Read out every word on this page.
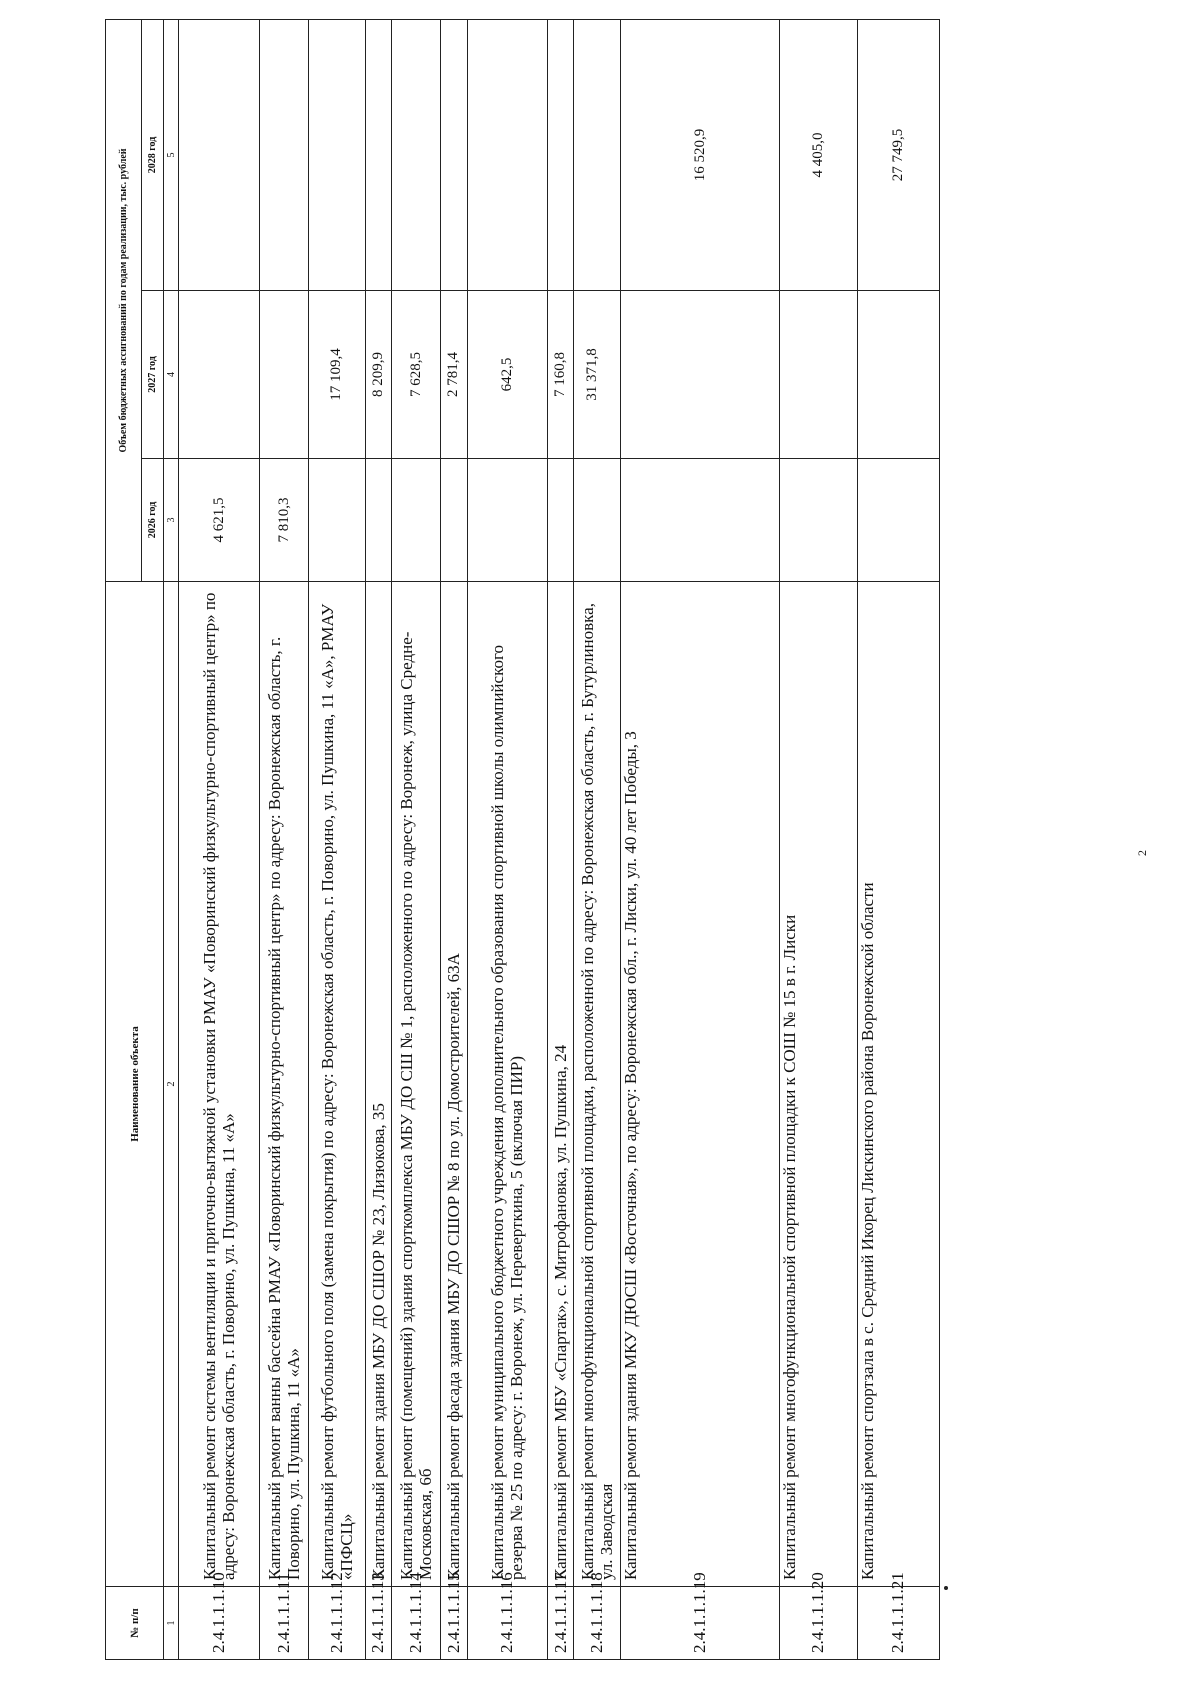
2
№ п/п	Наименование объекта	Объем бюджетных ассигнований по годам реализации, тыс. рублей		
		2026 год	2027 год	2028 год
1	2	3	4	5
2.4.1.1.1.10	Капитальный ремонт системы вентиляции и приточно-вытяжной установки РМАУ «Поворинский физкультурно-спортивный центр» по адресу: Воронежская область, г. Поворино, ул. Пушкина, 11 «А»	4 621,5		
2.4.1.1.1.11	Капитальный ремонт ванны бассейна РМАУ «Поворинский физкультурно-спортивный центр» по адресу: Воронежская область, г. Поворино, ул. Пушкина, 11 «А»	7 810,3		
2.4.1.1.1.12	Капитальный ремонт футбольного поля (замена покрытия) по адресу: Воронежская область, г. Поворино, ул. Пушкина, 11 «А», РМАУ «ПФСЦ»		17 109,4	
2.4.1.1.1.13	Капитальный ремонт здания МБУ ДО СШОР № 23, Лизюкова, 35		8 209,9	
2.4.1.1.1.14	Капитальный ремонт (помещений) здания спорткомплекса МБУ ДО СШ № 1, расположенного по адресу: Воронеж, улица Средне-Московская, 6б		7 628,5	
2.4.1.1.1.15	Капитальный ремонт фасада здания МБУ ДО СШОР № 8 по ул. Домостроителей, 63А		2 781,4	
2.4.1.1.1.16	Капитальный ремонт муниципального бюджетного учреждения дополнительного образования спортивной школы олимпийского резерва № 25 по адресу: г. Воронеж, ул. Переверткина, 5 (включая ПИР)		642,5	
2.4.1.1.1.17	Капитальный ремонт МБУ «Спартак», с. Митрофановка, ул. Пушкина, 24		7 160,8	
2.4.1.1.1.18	Капитальный ремонт многофункциональной спортивной площадки, расположенной по адресу: Воронежская область, г. Бутурлиновка, ул. Заводская		31 371,8	
2.4.1.1.1.19	Капитальный ремонт здания МКУ ДЮСШ «Восточная», по адресу: Воронежская обл., г. Лиски, ул. 40 лет Победы, 3			16 520,9
2.4.1.1.1.20	Капитальный ремонт многофункциональной спортивной площадки к СОШ № 15 в г. Лиски			4 405,0
2.4.1.1.1.21	Капитальный ремонт спортзала в с. Средний Икорец Лискинского района Воронежской области			27 749,5
